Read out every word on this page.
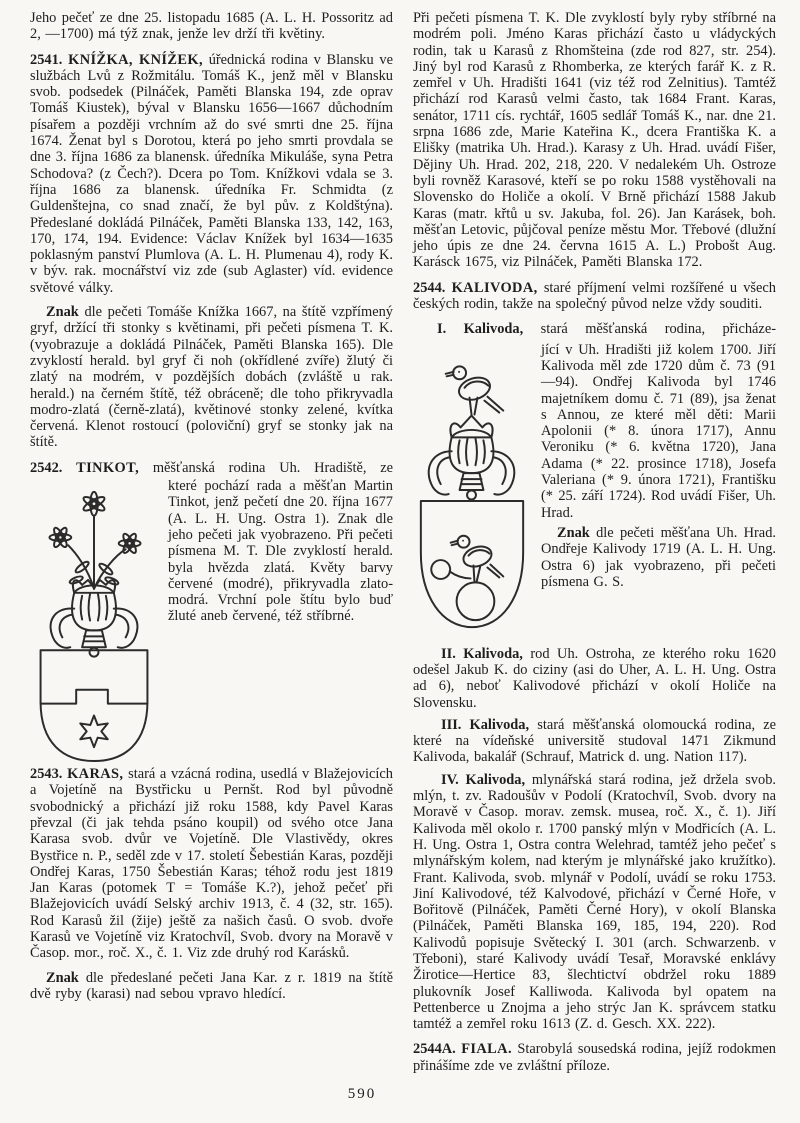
Jeho pečeť ze dne 25. listopadu 1685 (A. L. H. Possoritz ad 2, —1700) má týž znak, jenže lev drží tři květiny.

2541. KNÍŽKA, KNÍŽEK, úřednická rodina v Blansku ve službách Lvů z Rožmitálu. Tomáš K., jenž měl v Blansku svob. podsedek (Pilnáček, Paměti Blanska 194, zde oprav Tomáš Kiustek), býval v Blansku 1656—1667 důchodním písařem a později vrchním až do své smrti dne 25. října 1674. Ženat byl s Dorotou, která po jeho smrti provdala se dne 3. října 1686 za blanensk. úředníka Mikuláše, syna Petra Schodova? (z Čech?). Dcera po Tom. Knížkovi vdala se 3. října 1686 za blanensk. úředníka Fr. Schmidta (z Guldenštejna, co snad značí, že byl pův. z Koldštýna). Předeslané dokládá Pilnáček, Paměti Blanska 133, 142, 163, 170, 174, 194. Evidence: Václav Knížek byl 1634—1635 poklasným panství Plumlova (A. L. H. Plumenau 4), rody K. v býv. rak. mocnářství viz zde (sub Aglaster) víd. evidence světové války.

Znak dle pečeti Tomáše Knížka 1667, na štítě vzpřímený gryf, držící tři stonky s květinami, při pečeti písmena T. K. (vyobrazuje a dokládá Pilnáček, Paměti Blanska 165). Dle zvyklostí herald. byl gryf či noh (okřídlené zvíře) žlutý či zlatý na modrém, v pozdějších dobách (zvláště u rak. herald.) na černém štítě, též obráceně; dle toho přikryvadla modro-zlatá (černě-zlatá), květinové stonky zelené, kvítka červená. Klenot rostoucí (poloviční) gryf se stonky jak na štítě.

2542. TINKOT, měšťanská rodina Uh. Hradiště, ze

které pochází rada a měšťan Martin Tinkot, jenž pečetí dne 20. října 1677 (A. L. H. Ung. Ostra 1). Znak dle jeho pečeti jak vyobrazeno. Při pečeti písmena M. T. Dle zvyklostí herald. byla hvězda zlatá. Květy barvy červené (modré), přikryvadla zlato-modrá. Vrchní pole štítu bylo buď žluté aneb červené, též stříbrné.

2543. KARAS, stará a vzácná rodina, usedlá v Blažejovicích a Vojetíně na Bystřicku u Pernšt. Rod byl původně svobodnický a přichází již roku 1588, kdy Pavel Karas převzal (či jak tehda psáno koupil) od svého otce Jana Karasa svob. dvůr ve Vojetíně. Dle Vlastivědy, okres Bystřice n. P., seděl zde v 17. století Šebestián Karas, později Ondřej Karas, 1750 Šebestián Karas; téhož rodu jest 1819 Jan Karas (potomek T = Tomáše K.?), jehož pečeť při Blažejovicích uvádí Selský archiv 1913, č. 4 (32, str. 165). Rod Karasů žil (žije) ještě za našich časů. O svob. dvoře Karasů ve Vojetíně viz Kratochvíl, Svob. dvory na Moravě v Časop. mor., roč. X., č. 1. Viz zde druhý rod Karásků.

Znak dle předeslané pečeti Jana Kar. z r. 1819 na štítě dvě ryby (karasi) nad sebou vpravo hledící.

Při pečeti písmena T. K. Dle zvyklostí byly ryby stříbrné na modrém poli. Jméno Karas přichází často u vládyckých rodin, tak u Karasů z Rhomšteina (zde rod 827, str. 254). Jiný byl rod Karasů z Rhomberka, ze kterých farář K. z R. zemřel v Uh. Hradišti 1641 (viz též rod Zelnitius). Tamtéž přichází rod Karasů velmi často, tak 1684 Frant. Karas, senátor, 1711 cís. rychtář, 1605 sedlář Tomáš K., nar. dne 21. srpna 1686 zde, Marie Kateřina K., dcera Františka K. a Elišky (matrika Uh. Hrad.). Karasy z Uh. Hrad. uvádí Fišer, Dějiny Uh. Hrad. 202, 218, 220. V nedalekém Uh. Ostroze byli rovněž Karasové, kteří se po roku 1588 vystěhovali na Slovensko do Holiče a okolí. V Brně přichází 1588 Jakub Karas (matr. křtů u sv. Jakuba, fol. 26). Jan Karásek, boh. měšťan Letovic, půjčoval peníze městu Mor. Třebové (dlužní jeho úpis ze dne 24. června 1615 A. L.) Probošt Aug. Karásck 1675, viz Pilnáček, Paměti Blanska 172.

2544. KALIVODA, staré příjmení velmi rozšířené u všech českých rodin, takže na společný původ nelze vždy souditi.

I. Kalivoda, stará měšťanská rodina, přicháze-

jící v Uh. Hradišti již kolem 1700. Jiří Kalivoda měl zde 1720 dům č. 73 (91—94). Ondřej Kalivoda byl 1746 majetníkem domu č. 71 (89), jsa ženat s Annou, ze které měl děti: Marii Apolonii (* 8. února 1717), Annu Veroniku (* 6. května 1720), Jana Adama (* 22. prosince 1718), Josefa Valeriana (* 9. února 1721), Františku (* 25. září 1724). Rod uvádí Fišer, Uh. Hrad.

Znak dle pečeti měšťana Uh. Hrad. Ondřeje Kalivody 1719 (A. L. H. Ung. Ostra 6) jak vyobrazeno, při pečeti písmena G. S.

II. Kalivoda, rod Uh. Ostroha, ze kterého roku 1620 odešel Jakub K. do ciziny (asi do Uher, A. L. H. Ung. Ostra ad 6), neboť Kalivodové přichází v okolí Holiče na Slovensku.

III. Kalivoda, stará měšťanská olomoucká rodina, ze které na vídeňské universitě studoval 1471 Zikmund Kalivoda, bakalář (Schrauf, Matrick d. ung. Nation 117).

IV. Kalivoda, mlynářská stará rodina, jež držela svob. mlýn, t. zv. Radoušův v Podolí (Kratochvíl, Svob. dvory na Moravě v Časop. morav. zemsk. musea, roč. X., č. 1). Jiří Kalivoda měl okolo r. 1700 panský mlýn v Modřicích (A. L. H. Ung. Ostra 1, Ostra contra Welehrad, tamtéž jeho pečeť s mlynářským kolem, nad kterým je mlynářské jako kružítko). Frant. Kalivoda, svob. mlynář v Podolí, uvádí se roku 1753. Jiní Kalivodové, též Kalvodové, přichází v Černé Hoře, v Bořitově (Pilnáček, Paměti Černé Hory), v okolí Blanska (Pilnáček, Paměti Blanska 169, 185, 194, 220). Rod Kalivodů popisuje Světecký I. 301 (arch. Schwarzenb. v Třeboni), staré Kalivody uvádí Tesař, Moravské enklávy Žirotice—Hertice 83, šlechtictví obdržel roku 1889 plukovník Josef Kalliwoda. Kalivoda byl opatem na Pettenberce u Znojma a jeho strýc Jan K. správcem statku tamtéž a zemřel roku 1613 (Z. d. Gesch. XX. 222).

2544A. FIALA. Starobylá sousedská rodina, jejíž rodokmen přinášíme zde ve zvláštní příloze.

590
